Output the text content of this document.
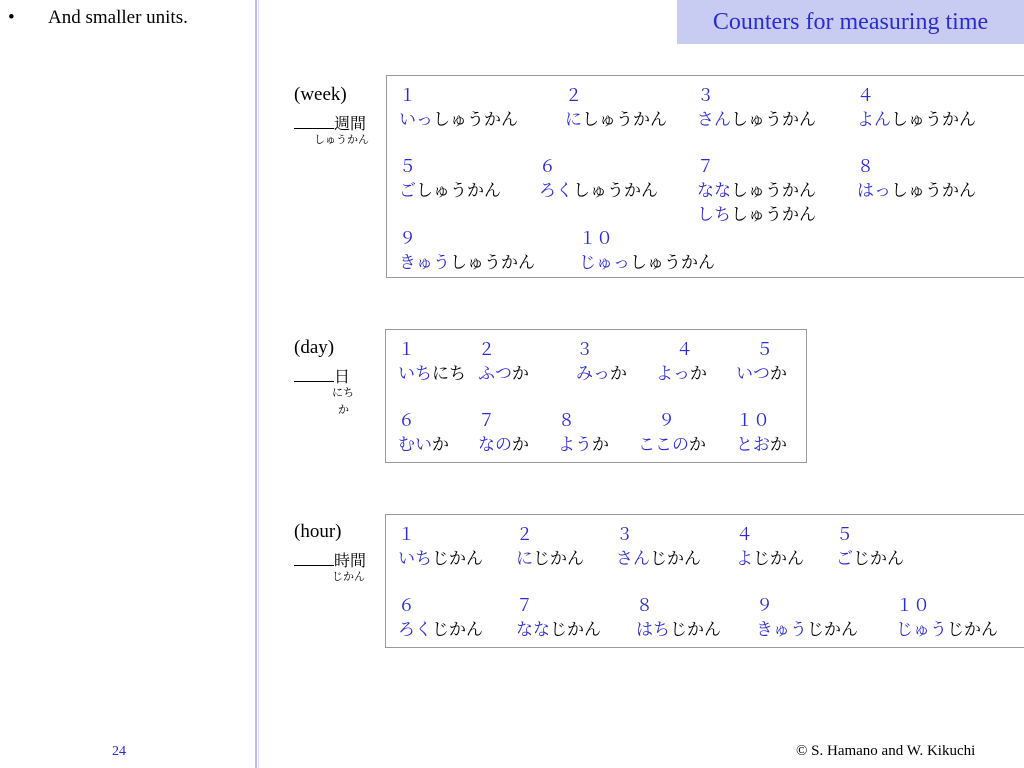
• And smaller units.
24
Counters for measuring time
(week)
週間
しゅうかん
１
いっしゅうかん
２
にしゅうかん
３
さんしゅうかん
４
よんしゅうかん
５
ごしゅうかん
６
ろくしゅうかん
７
ななしゅうかん
しちしゅうかん
８
はっしゅうかん
９
きゅうしゅうかん
１０
じゅっしゅうかん
(day)
日
にち
か
１
いちにち
２
ふつか
３
みっか
４
よっか
５
いつか
６
むいか
７
なのか
８
ようか
９
ここのか
１０
とおか
(hour)
時間
じかん
１
いちじかん
２
にじかん
３
さんじかん
４
よじかん
５
ごじかん
６
ろくじかん
７
ななじかん
８
はちじかん
９
きゅうじかん
１０
じゅうじかん
© S. Hamano and W. Kikuchi
